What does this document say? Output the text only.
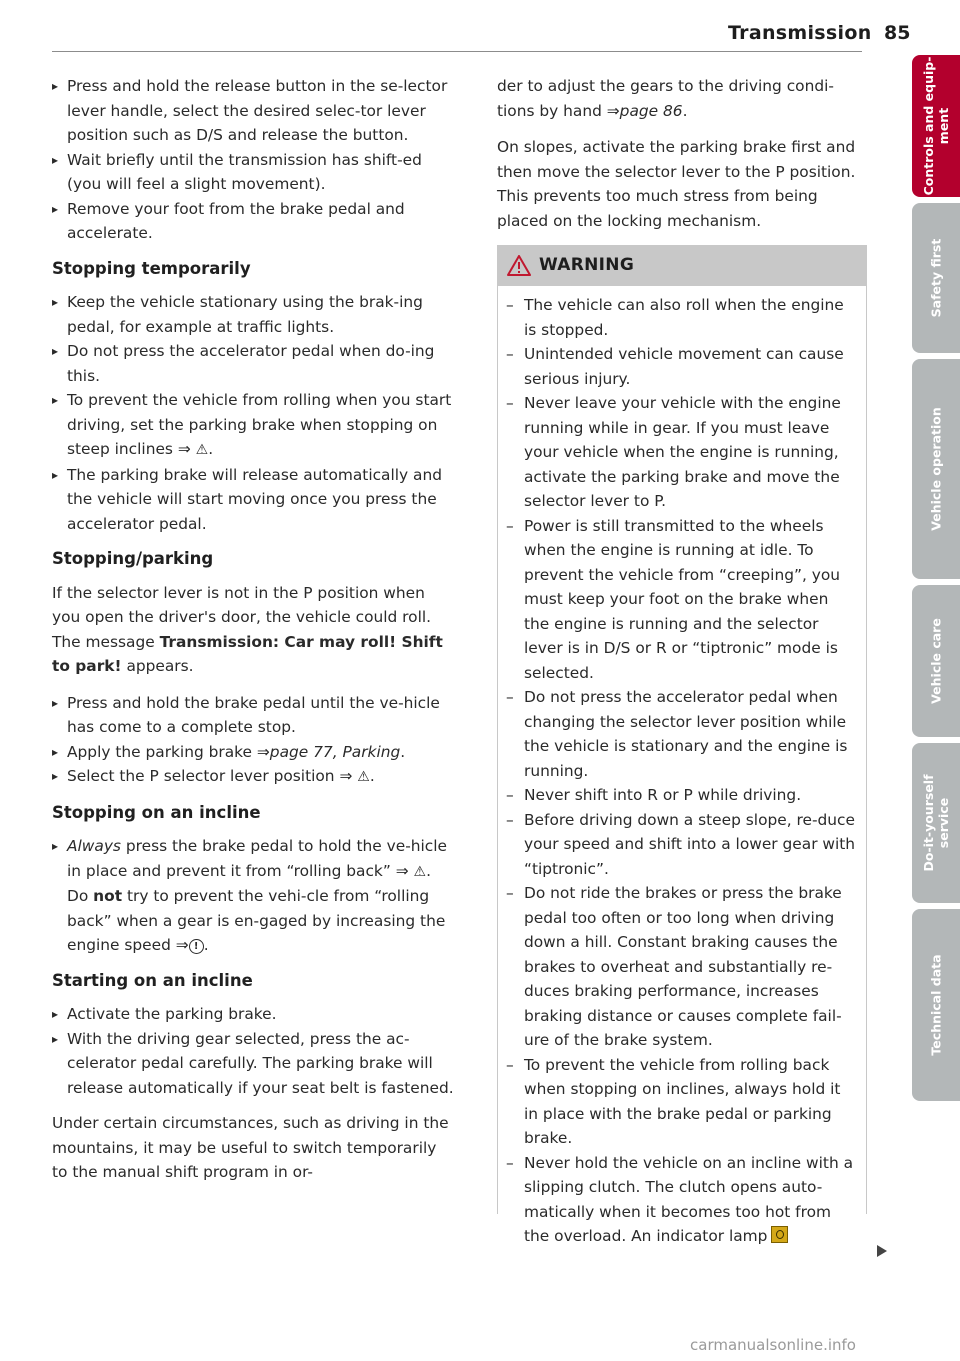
Transmission 85
▸ Press and hold the release button in the se-lector lever handle, select the desired selec-tor lever position such as D/S and release the button.
▸ Wait briefly until the transmission has shift-ed (you will feel a slight movement).
▸ Remove your foot from the brake pedal and accelerate.
Stopping temporarily
▸ Keep the vehicle stationary using the brak-ing pedal, for example at traffic lights.
▸ Do not press the accelerator pedal when do-ing this.
▸ To prevent the vehicle from rolling when you start driving, set the parking brake when stopping on steep inclines ⇒ ⚠.
▸ The parking brake will release automatically and the vehicle will start moving once you press the accelerator pedal.
Stopping/parking

If the selector lever is not in the P position when you open the driver's door, the vehicle could roll. The message Transmission: Car may roll! Shift to park! appears.

▸ Press and hold the brake pedal until the ve-hicle has come to a complete stop.
▸ Apply the parking brake ⇒page 77, Parking.
▸ Select the P selector lever position ⇒ ⚠.
Stopping on an incline
▸ Always press the brake pedal to hold the ve-hicle in place and prevent it from “rolling back” ⇒ ⚠. Do not try to prevent the vehi-cle from “rolling back” when a gear is en-gaged by increasing the engine speed ⇒ ! .
Starting on an incline
▸ Activate the parking brake.
▸ With the driving gear selected, press the ac-celerator pedal carefully. The parking brake will release automatically if your seat belt is fastened.

Under certain circumstances, such as driving in the mountains, it may be useful to switch temporarily to the manual shift program in or-

der to adjust the gears to the driving condi-tions by hand ⇒page 86.

On slopes, activate the parking brake first and then move the selector lever to the P position. This prevents too much stress from being placed on the locking mechanism.

WARNING
– The vehicle can also roll when the engine is stopped.
– Unintended vehicle movement can cause serious injury.
– Never leave your vehicle with the engine running while in gear. If you must leave your vehicle when the engine is running, activate the parking brake and move the selector lever to P.
– Power is still transmitted to the wheels when the engine is running at idle. To prevent the vehicle from “creeping”, you must keep your foot on the brake when the engine is running and the selector lever is in D/S or R or “tiptronic” mode is selected.
– Do not press the accelerator pedal when changing the selector lever position while the vehicle is stationary and the engine is running.
– Never shift into R or P while driving.
– Before driving down a steep slope, re-duce your speed and shift into a lower gear with “tiptronic”.
– Do not ride the brakes or press the brake pedal too often or too long when driving down a hill. Constant braking causes the brakes to overheat and substantially re-duces braking performance, increases braking distance or causes complete fail-ure of the brake system.
– To prevent the vehicle from rolling back when stopping on inclines, always hold it in place with the brake pedal or parking brake.
– Never hold the vehicle on an incline with a slipping clutch. The clutch opens auto-matically when it becomes too hot from the overload. An indicator lamp
Controls and equip- ment
Safety first
Vehicle operation
Vehicle care
Do-it-yourself service
Technical data
carmanualsonline.info
